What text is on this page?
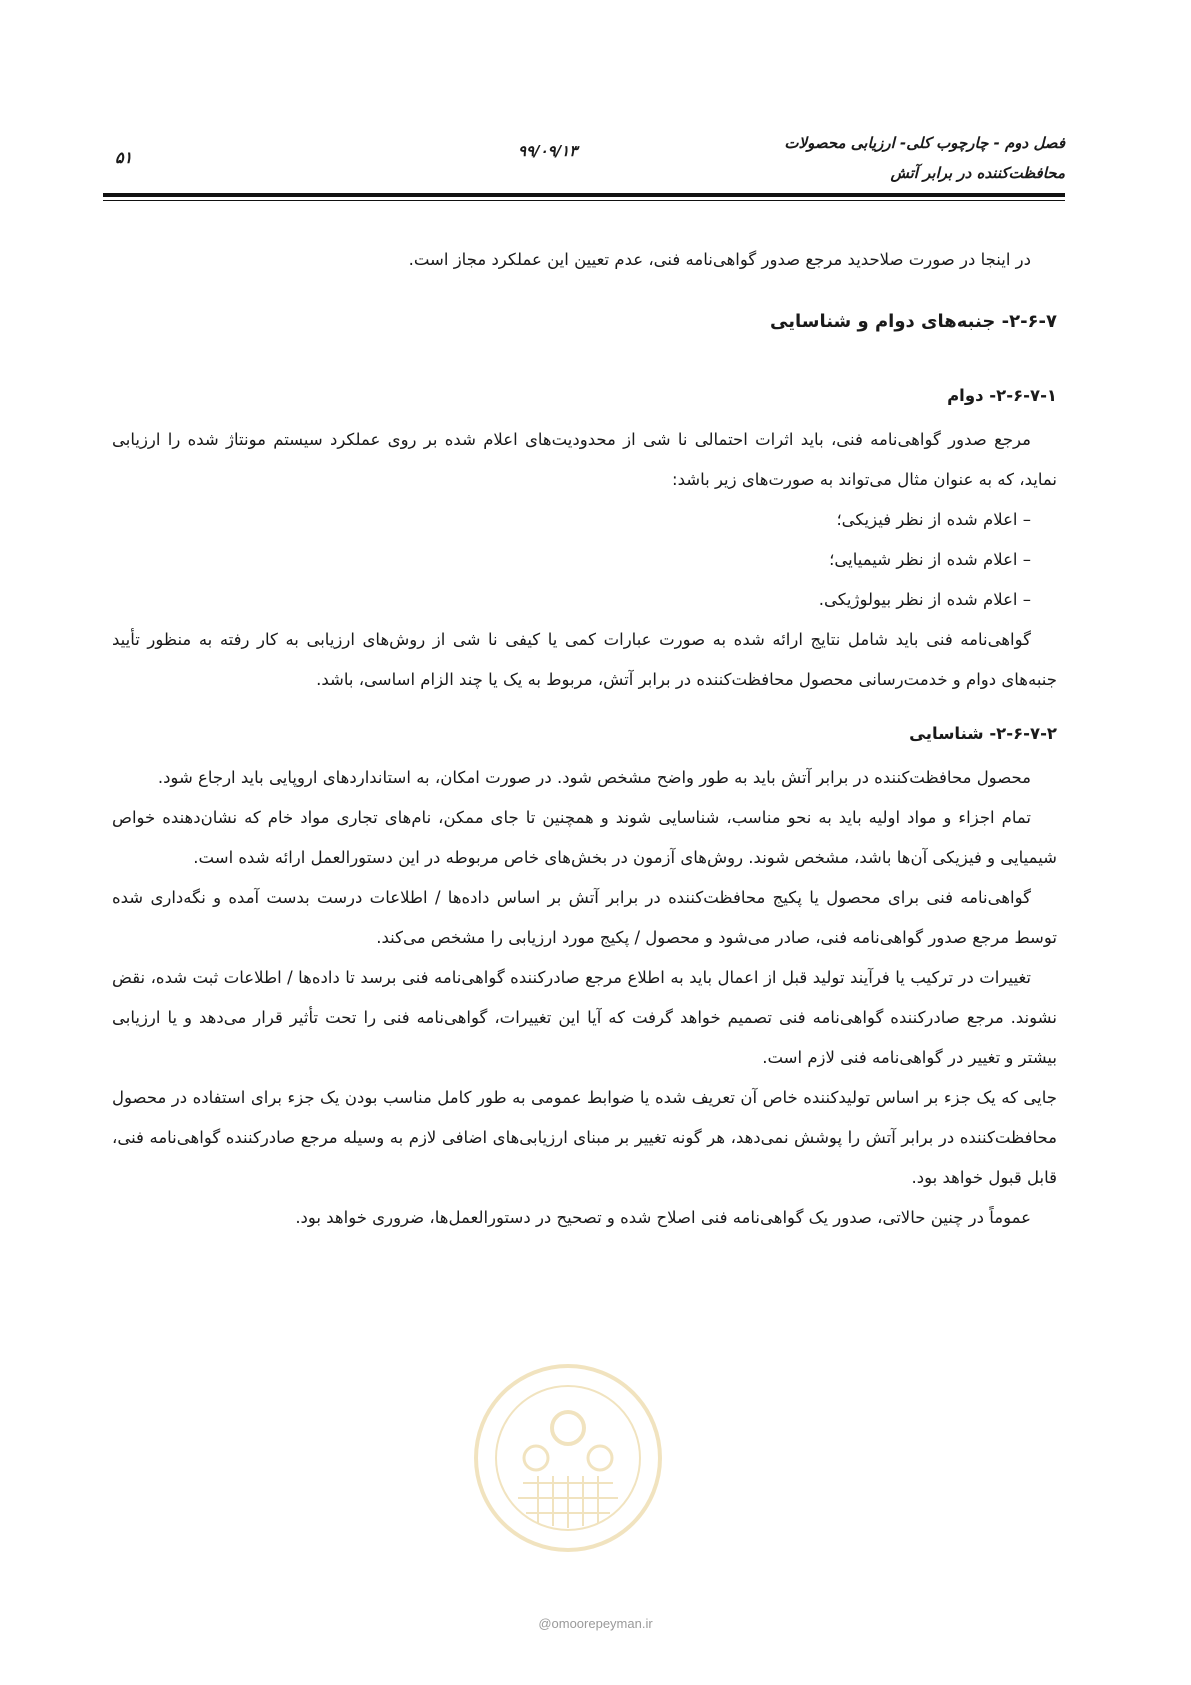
فصل دوم - چارچوب کلی- ارزیابی محصولات
محافظت‌کننده در برابر آتش
۹۹/۰۹/۱۳
۵۱

در اینجا در صورت صلاحدید مرجع صدور گواهی‌نامه فنی، عدم تعیین این عملکرد مجاز است.

۲-۶-۷- جنبه‌های دوام و شناسایی
۲-۶-۷-۱- دوام

مرجع صدور گواهی‌نامه فنی، باید اثرات احتمالی نا شی از محدودیت‌های اعلام شده بر روی عملکرد سیستم مونتاژ شده را ارزیابی نماید، که به عنوان مثال می‌تواند به صورت‌های زیر باشد:

– اعلام شده از نظر فیزیکی؛
– اعلام شده از نظر شیمیایی؛
– اعلام شده از نظر بیولوژیکی.

گواهی‌نامه فنی باید شامل نتایج ارائه شده به صورت عبارات کمی یا کیفی نا شی از روش‌های ارزیابی به کار رفته به منظور تأیید جنبه‌های دوام و خدمت‌رسانی محصول محافظت‌کننده در برابر آتش، مربوط به یک یا چند الزام اساسی، باشد.

۲-۶-۷-۲- شناسایی

محصول محافظت‌کننده در برابر آتش باید به طور واضح مشخص شود. در صورت امکان، به استانداردهای اروپایی باید ارجاع شود.

تمام اجزاء و مواد اولیه باید به نحو مناسب، شناسایی شوند و همچنین تا جای ممکن، نام‌های تجاری مواد خام که نشان‌دهنده خواص شیمیایی و فیزیکی آن‌ها باشد، مشخص شوند. روش‌های آزمون در بخش‌های خاص مربوطه در این دستورالعمل ارائه شده است.

گواهی‌نامه فنی برای محصول یا پکیج محافظت‌کننده در برابر آتش بر اساس داده‌ها / اطلاعات درست بدست آمده و نگه‌داری شده توسط مرجع صدور گواهی‌نامه فنی، صادر می‌شود و محصول / پکیج مورد ارزیابی را مشخص می‌کند.

تغییرات در ترکیب یا فرآیند تولید قبل از اعمال باید به اطلاع مرجع صادرکننده گواهی‌نامه فنی برسد تا داده‌ها / اطلاعات ثبت شده، نقض نشوند. مرجع صادرکننده گواهی‌نامه فنی تصمیم خواهد گرفت که آیا این تغییرات، گواهی‌نامه فنی را تحت تأثیر قرار می‌دهد و یا ارزیابی بیشتر و تغییر در گواهی‌نامه فنی لازم است.

جایی که یک جزء بر اساس تولیدکننده خاص آن تعریف شده یا ضوابط عمومی به طور کامل مناسب بودن یک جزء برای استفاده در محصول محافظت‌کننده در برابر آتش را پوشش نمی‌دهد، هر گونه تغییر بر مبنای ارزیابی‌های اضافی لازم به وسیله مرجع صادرکننده گواهی‌نامه فنی، قابل قبول خواهد بود.

عموماً در چنین حالاتی، صدور یک گواهی‌نامه فنی اصلاح شده و تصحیح در دستورالعمل‌ها، ضروری خواهد بود.

@omoorepeyman.ir
